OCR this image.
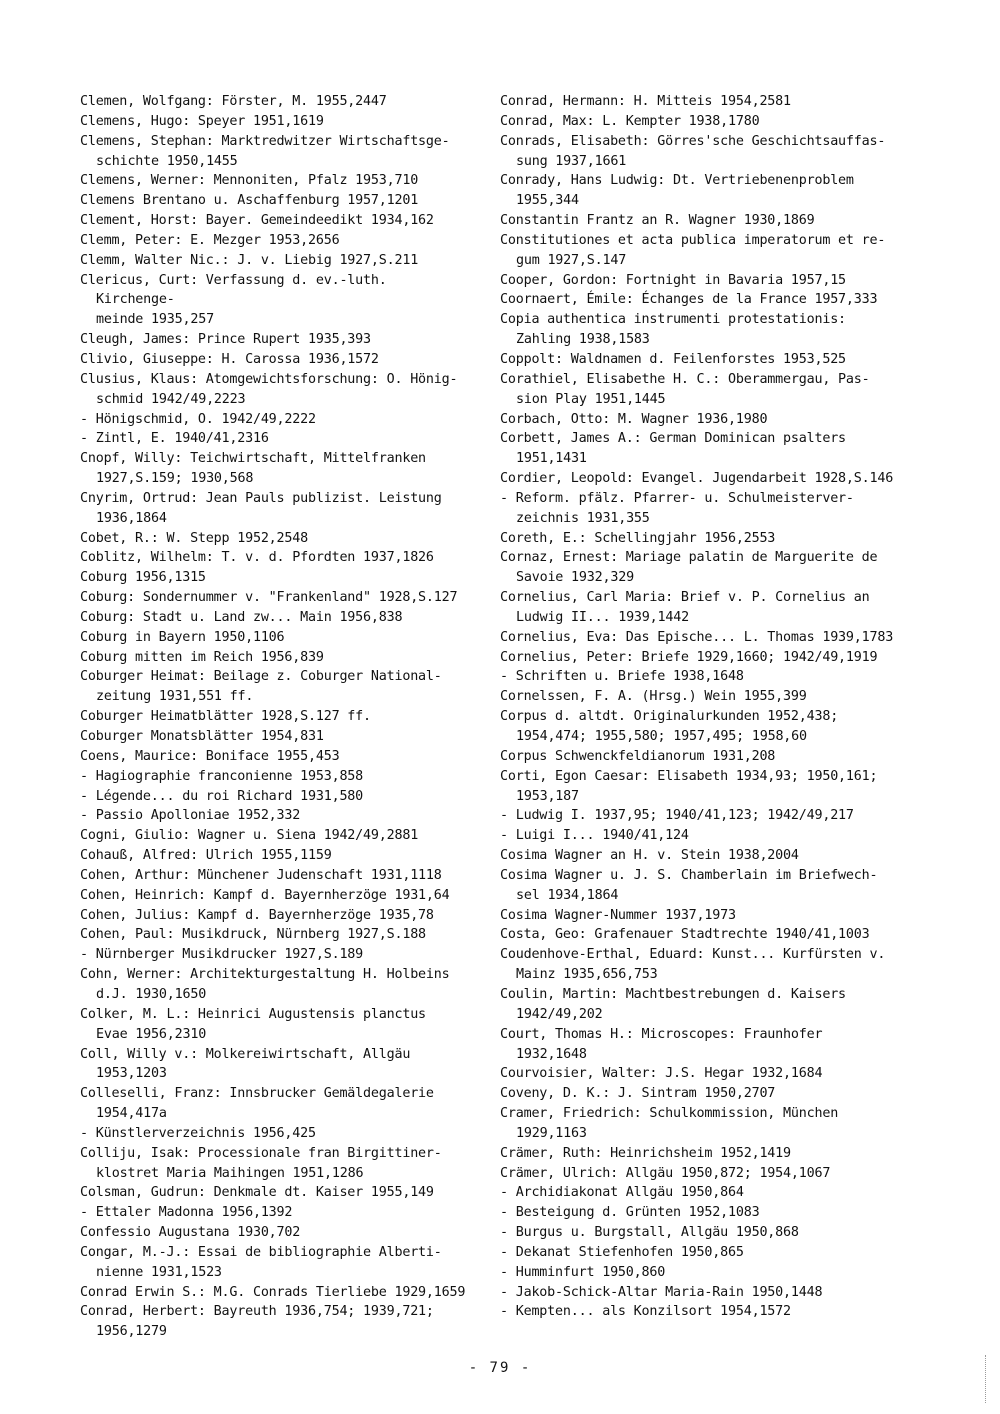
Clemen, Wolfgang: Förster, M. 1955,2447
Clemens, Hugo: Speyer 1951,1619
Clemens, Stephan: Marktredwitzer Wirtschaftsge-
schichte 1950,1455
Clemens, Werner: Mennoniten, Pfalz 1953,710
Clemens Brentano u. Aschaffenburg 1957,1201
Clement, Horst: Bayer. Gemeindeedikt 1934,162
Clemm, Peter: E. Mezger 1953,2656
Clemm, Walter Nic.: J. v. Liebig 1927,S.211
Clericus, Curt: Verfassung d. ev.-luth. Kirchenge-
meinde 1935,257
Cleugh, James: Prince Rupert 1935,393
Clivio, Giuseppe: H. Carossa 1936,1572
Clusius, Klaus: Atomgewichtsforschung: O. Hönig-
schmid 1942/49,2223
- Hönigschmid, O. 1942/49,2222
- Zintl, E. 1940/41,2316
Cnopf, Willy: Teichwirtschaft, Mittelfranken
1927,S.159; 1930,568
Cnyrim, Ortrud: Jean Pauls publizist. Leistung
1936,1864
Cobet, R.: W. Stepp 1952,2548
Coblitz, Wilhelm: T. v. d. Pfordten 1937,1826
Coburg 1956,1315
Coburg: Sondernummer v. "Frankenland" 1928,S.127
Coburg: Stadt u. Land zw... Main 1956,838
Coburg in Bayern 1950,1106
Coburg mitten im Reich 1956,839
Coburger Heimat: Beilage z. Coburger National-
zeitung 1931,551 ff.
Coburger Heimatblätter 1928,S.127 ff.
Coburger Monatsblätter 1954,831
Coens, Maurice: Boniface 1955,453
- Hagiographie franconienne 1953,858
- Légende... du roi Richard 1931,580
- Passio Apolloniae 1952,332
Cogni, Giulio: Wagner u. Siena 1942/49,2881
Cohauß, Alfred: Ulrich 1955,1159
Cohen, Arthur: Münchener Judenschaft 1931,1118
Cohen, Heinrich: Kampf d. Bayernherzöge 1931,64
Cohen, Julius: Kampf d. Bayernherzöge 1935,78
Cohen, Paul: Musikdruck, Nürnberg 1927,S.188
- Nürnberger Musikdrucker 1927,S.189
Cohn, Werner: Architekturgestaltung H. Holbeins
d.J. 1930,1650
Colker, M. L.: Heinrici Augustensis planctus
Evae 1956,2310
Coll, Willy v.: Molkereiwirtschaft, Allgäu
1953,1203
Colleselli, Franz: Innsbrucker Gemäldegalerie
1954,417a
- Künstlerverzeichnis 1956,425
Colliju, Isak: Processionale fran Birgittiner-
klostret Maria Maihingen 1951,1286
Colsman, Gudrun: Denkmale dt. Kaiser 1955,149
- Ettaler Madonna 1956,1392
Confessio Augustana 1930,702
Congar, M.-J.: Essai de bibliographie Alberti-
nienne 1931,1523
Conrad Erwin S.: M.G. Conrads Tierliebe 1929,1659
Conrad, Herbert: Bayreuth 1936,754; 1939,721;
1956,1279
Conrad, Hermann: H. Mitteis 1954,2581
Conrad, Max: L. Kempter 1938,1780
Conrads, Elisabeth: Görres'sche Geschichtsauffas-
sung 1937,1661
Conrady, Hans Ludwig: Dt. Vertriebenenproblem
1955,344
Constantin Frantz an R. Wagner 1930,1869
Constitutiones et acta publica imperatorum et re-
gum 1927,S.147
Cooper, Gordon: Fortnight in Bavaria 1957,15
Coornaert, Émile: Échanges de la France 1957,333
Copia authentica instrumenti protestationis:
Zahling 1938,1583
Coppolt: Waldnamen d. Feilenforstes 1953,525
Corathiel, Elisabethe H. C.: Oberammergau, Pas-
sion Play 1951,1445
Corbach, Otto: M. Wagner 1936,1980
Corbett, James A.: German Dominican psalters
1951,1431
Cordier, Leopold: Evangel. Jugendarbeit 1928,S.146
- Reform. pfälz. Pfarrer- u. Schulmeisterver-
zeichnis 1931,355
Coreth, E.: Schellingjahr 1956,2553
Cornaz, Ernest: Mariage palatin de Marguerite de
Savoie 1932,329
Cornelius, Carl Maria: Brief v. P. Cornelius an
Ludwig II... 1939,1442
Cornelius, Eva: Das Epische... L. Thomas 1939,1783
Cornelius, Peter: Briefe 1929,1660; 1942/49,1919
- Schriften u. Briefe 1938,1648
Cornelssen, F. A. (Hrsg.) Wein 1955,399
Corpus d. altdt. Originalurkunden 1952,438;
1954,474; 1955,580; 1957,495; 1958,60
Corpus Schwenckfeldianorum 1931,208
Corti, Egon Caesar: Elisabeth 1934,93; 1950,161;
1953,187
- Ludwig I. 1937,95; 1940/41,123; 1942/49,217
- Luigi I... 1940/41,124
Cosima Wagner an H. v. Stein 1938,2004
Cosima Wagner u. J. S. Chamberlain im Briefwech-
sel 1934,1864
Cosima Wagner-Nummer 1937,1973
Costa, Geo: Grafenauer Stadtrechte 1940/41,1003
Coudenhove-Erthal, Eduard: Kunst... Kurfürsten v.
Mainz 1935,656,753
Coulin, Martin: Machtbestrebungen d. Kaisers
1942/49,202
Court, Thomas H.: Microscopes: Fraunhofer
1932,1648
Courvoisier, Walter: J.S. Hegar 1932,1684
Coveny, D. K.: J. Sintram 1950,2707
Cramer, Friedrich: Schulkommission, München
1929,1163
Crämer, Ruth: Heinrichsheim 1952,1419
Crämer, Ulrich: Allgäu 1950,872; 1954,1067
- Archidiakonat Allgäu 1950,864
- Besteigung d. Grünten 1952,1083
- Burgus u. Burgstall, Allgäu 1950,868
- Dekanat Stiefenhofen 1950,865
- Humminfurt 1950,860
- Jakob-Schick-Altar Maria-Rain 1950,1448
- Kempten... als Konzilsort 1954,1572
- 79 -
